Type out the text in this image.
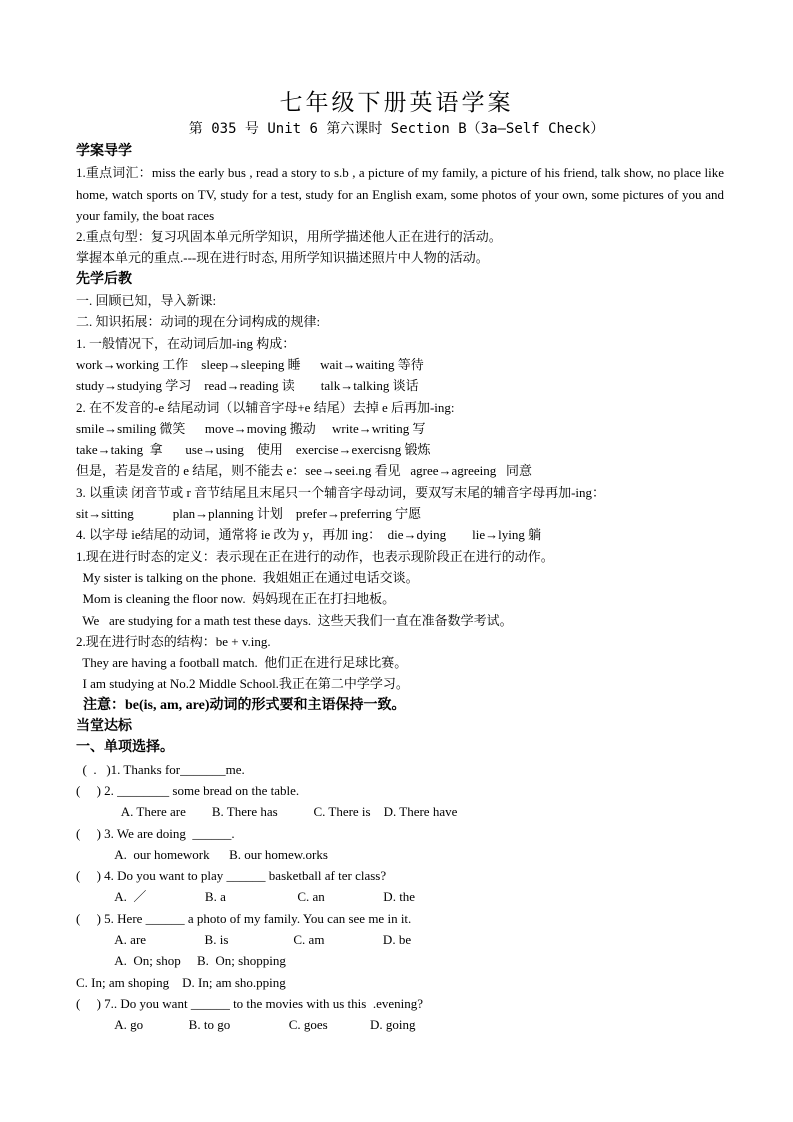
七年级下册英语学案
第 035 号 Unit 6 第六课时 Section B（3a—Self Check）
学案导学
1.重点词汇：miss the early bus , read a story to s.b , a picture of my family, a picture of his friend, talk show, no place like home, watch sports on TV, study for a test, study for an English exam, some photos of your own, some pictures of you and your family, the boat races
2.重点句型：复习巩固本单元所学知识，用所学描述他人正在进行的活动。
掌握本单元的重点.---现在进行时态, 用所学知识描述照片中人物的活动。
先学后教
一. 回顾已知，导入新课:
二. 知识拓展：动词的现在分词构成的规律:
1. 一般情况下，在动词后加-ing 构成：
work→working 工作    sleep→sleeping 睡      wait→waiting 等待
study→studying 学习    read→reading 读        talk→talking 谈话
2. 在不发音的-e 结尾动词（以辅音字母+e 结尾）去掉 e 后再加-ing:
smile→smiling 微笑      move→moving 搬动     write→writing 写
take→taking  拿       use→using    使用    exercise→exercisng 锻炼
但是，若是发音的 e 结尾，则不能去 e：see→seei.ng 看见   agree→agreeing   同意
3. 以重读 闭音节或 r 音节结尾且末尾只一个辅音字母动词，要双写末尾的辅音字母再加-ing：
sit→sitting            plan→planning 计划    prefer→preferring 宁愿
4. 以字母 ie结尾的动词，通常将 ie 改为 y，再加 ing：  die→dying        lie→lying 躺
1.现在进行时态的定义：表示现在正在进行的动作，也表示现阶段正在进行的动作。
My sister is talking on the phone.  我姐姐正在通过电话交谈。
Mom is cleaning the floor now.  妈妈现在正在打扫地板。
We   are studying for a math test these days.  这些天我们一直在准备数学考试。
2.现在进行时态的结构：be + v.ing.
They are having a football match.  他们正在进行足球比赛。
I am studying at No.2 Middle School.我正在第二中学学习。
注意：be(is, am, are)动词的形式要和主语保持一致。
当堂达标
一、单项选择。
(  .   )1. Thanks for_______me.
(     ) 2. ________ some bread on the table.
A. There are        B. There has           C. There is    D. There have
(     ) 3. We are doing  ______.
A.  our homework      B. our homew.orks
(     ) 4. Do you want to play ______ basketball af ter class?
A.  ／                  B. a                      C. an                  D. the
(     ) 5. Here ______ a photo of my family. You can see me in it.
A. are                  B. is                    C. am                  D. be
A.  On; shop     B.  On; shopping
C. In; am shoping    D. In; am sho.pping
(     ) 7.. Do you want ______ to the movies with us this  .evening?
A. go              B. to go                  C. goes             D. going
